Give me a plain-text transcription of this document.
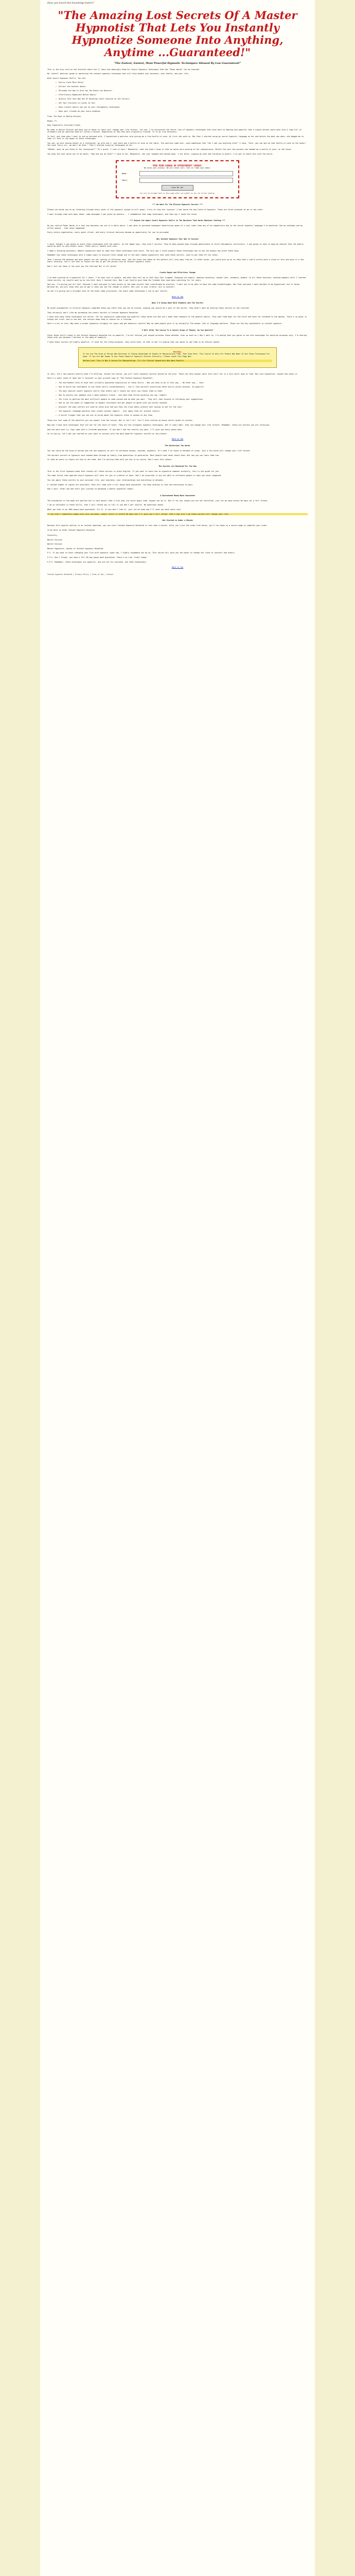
Have you heard this knowledge before?
"The Amazing Lost Secrets Of A Master Hypnotist That Lets You Instantly Hypnotize Someone Into Anything, Anytime ...Guaranteed!"
"The Fastest, Easiest, Most Powerful Hypnotic Techniques Allowed By Law Guaranteed!"

This is the only site on the Internet where You'll learn how amazingly Powerful Covert Hypnosis Techniques That Use "Power Words" Can be Learned!

No "covert" abstract guide or mastering the instant hypnosis technique that will help double your business, your health, and your life.

With Covert Hypnosis Skills, You Can:

✔ Easily Close More Sales!
✔ Attract the hottest dates!
✔ Persuade You How To Give You The Raise You Deserve!
✔ Effortlessly Negotiate Better Deals!
✔ Quickly Talk Your Way Out Of Anything (Even Lipstick on the Collar)!
✔ Get Your Children to Listen to You!
✔ Have clients easily say yes to your therapeutic techniques
✔ Have your friends do your every bidding.

From: The Desk of Wesley Wilsons

Miami, Fl

Dear Especially Inclined Friend,

My name is Walter Kinlock and what you're about to learn will change your life forever. You see, I've discovered the secret lies of hypnotic techniques that once were so amazing and powerful that a single person could walk into a room full of strangers and be sporting them all within a minute. Regardless of how they were originally trained. It is my true discovery.

In fact, one time when I went to see my beloved wife, I hypnotized a waitress into giving me a free bottle of wine. At first she said no. But then I started using my secret hypnotic language on her and before the meal was done, she begged me to take it! That is the power of these techniques.

You see, we were having dinner at a restaurant, my wife and I, and there was a bottle of wine on the table. The waitress came over, said something like "Can I get you anything else?" I said, "Sure, you can get me that bottle of wine on the house." She said "Sorry sir, we don't do that." Then I started using my techniques on her.

"Ohhhhh, what do you think of the restaurant?" "It's great. I love it here." Meanwhile, what she didn't know is that my words were working on her subconscious. Within the next few minutes she handed me a bottle of wine, on the house.

You know the next words out of my mouth. "How did you do that?" I said to her. Meanwhile, she just laughed and walked away. I sat there, sipping my wine and thinking to myself, I've got to share this with the world.

FREE MIND-CHANGE OR HYPNOTHERAPY COURSE!
We value your privacy. We will never sell, rent or trade your email.
Name:
Email:
Sign Me Up!
You will be brought back to this page after you submit so you can finish reading.
*** We Want For The Elusive Hypnosis Secrets ***

Please use words you as my listening through every cover of the hypnotic system to kill power, truly to ring the "success" I had found the big field of hypnosis. These are three pleasant at me in the order.

I went through them with many ideas, some messages I was given by mentors... I remembered that some techniques, and then say I found the three.

*** Anyone Can Apply Covert Hypnosis Skills in The Business That Works Whatever Setting ***

Do you realize Power Words is a tool any business can use in a daily basis. I was able to purchase newspaper advertising space at a cost lower than any of my competitors due to the secret hypnotic language I've mastered. And my salesmen and my office spaces - that never happened!

Every salary negotiation, every quest client, and every clinical decision became an opportunity for you to persuade!

Why Instant Hypnosis Your Way to Success

I never thought I was going to share these techniques with the public. As the image says, they aren't secrets. They've been passed down through generations of elite therapeutic instructors. I was going to have to keep my chances that the public would be able to help others learn. These skills, handle with care.

I made a shocking discovery. Modern hypnotists have no idea that these techniques even exist. The only way I could acquire these techniques was to ask the people who wrote these down.

Remember how these techniques were a taboo topic to discuss? Even though one of the most famous hypnotists that used these secrets, used to get them off his chest.

Then I shared the methods and most people are not leaving in different ways. And the scent and ideas on the pattern will stay away from me. In other words, you could pick up on an idea that's really pretty much a clone of this and give it a few hours learning. You'll use that to figure out how to get the person into an instant hypnotic state.

Don't tell me! Does it not give you the feeling? But it all works!

Create Rapid and Effortless Change

I've been working as a hypnotist for 7 years. I've seen lots of people, and what they tell me is that they feel trapped. Changing old habits, smoking cessation, weight loss, insomnia, phobia. In all these sessions, nothing happens until I learned these secrets, my results went up by ten-fold. Once I learned this. Now I can finally give them the freedom they have been searching for for years.

And yes, I'm giving you all that. Because I want everyone to have access to the same secrets that transformed my practice. I want you to be able to have the same breakthroughs. Not that everyone I meet decides to be hypnotized, but it helps. Believe me, you will know that you've got it when you see the change in others. Not just in your clients, but in yourself.

So now I'm giving you a straight shot at the exact same principles, the exact same techniques I use to get results.

Back to Top
What I'm Going Hand Hold Students And The Secrets

My great grandparent in Cultural Hypnosis regarded these way there that you can be around, knowing you should be a part of the secret. They didn't want me sharing these secrets on the internet.

They seriously don't like me spreading the covert secrets in Instant Hypnosis Revealed.

I know that many these techniques are secret. Yet for hypnotists understand how powerful these words are and can't make them standard to the general public. They want them kept for the elite and never be released to the masses. There's no point in hiding the truth. And in the end, the secrets keep them in chains for a lifetime.

Here's a bit of info. Why does a normal hypnotist struggle for years and get mediocre results? Why do some people pick it up instantly? The answer lies in language patterns. These are the key ingredients in instant hypnosis.

I Will Offer The Course To A Select Group of People. Do You Qualify?

Since these skills found in the Instant Hypnosis Revealed are so powerful, I'm not letting just anyone purchase these methods. Even as much as I don't want to, I'm asking that you agree to use this knowledge for positive purposes only. I'm sharing these with you because I believe in the good of humanity.

I know these secrets are highly powerful. If used for the wrong purposes, they could harm. So that is why I'm asking that you agree to use them in an ethical manner.

Warning:

If You Are The Kind of Person Who Believes In Taking Advantage Of People Or Manipulating Them, Then Stop Here. This Course Is Only For People Who Want To Use These Techniques For Good. If You Are Not Ready To Use These Powerful Hypnotic Secrets Ethically, Please Leave This Page Now.

Bottom Line: This Is Not A Course For Manipulating. It's For Ethical Hypnotists Who Want Results.

In fact, let's now explore exactly what I'm offering. Inside the course, you will learn hypnosis secrets shared by the pros. These can help anyone learn this skill set in a very short span of time. Not just hypnotists. Anyone who wants it.

Here's a small taste of what you'll discover in your private copy of "The Instant Hypnosis Revealed":

✔ The overlooked rules of mind that virtually guarantee acquisition of these skills - Why you have to do it this way... No other way... Ever.
✔ How to build the confidence to use these skills instantaneously - You'll find yourself practicing these skills within minutes. So powerful.
✔ The most obscure covert hypnotic skills that others can't figure out until you reveal them to them!
✔ How to quickly put someone into a deep hypnotic trance - and have them follow anything you say. Simple!
✔ The trick to getting the most difficult people to come around and do what you want - They will look forward to following your suggestions.
✔ How to use the power of suggestion to bypass resistance and get people to agree with you within seconds.
✔ Discover the ways secrets are used by sales pros and how they can close deals without ever having to ask for the sale.
✔ The hypnotic language patterns that create instant rapport - Just apply them for instant results.
✔ A secret trigger that you can use to bring about the hypnotic state in anyone at any time.

These are just some of the benefits you can expect from the course. But it isn't all. You'll also receive my bonus secret guide to success.

Now and I have here techniques that are not for the faint of heart. They are the strongest hypnotic techniques. But if used right, they can change your life forever. Remember, these are secrets you are receiving.

And the best part is, they come with a lifetime guarantee. If you don't see the results you want, I'll give you every penny back.

So to sum up, let's get you started on your path to success with the most powerful hypnotic secrets on the planet!

Back to Top
The Mysterious Two Words

You too could be the kind of person who can use hypnosis at will to influence anyone, anytime, anywhere. It's what I've found in decades of study. Just a few words will change your life forever.

The ancient secrets of hypnosis were handed down through my family from generation to generation. Most people have never heard them. But now you can learn them too.

It took me years to figure out how to use them. And I'm sharing them with you now in my course. Don't miss this chance.

The Secrets are Revealed For You Now

This is the first hypnosis book that reveals all these secrets in plain English. If you want to learn how to hypnotize someone instantly, this is the guide for you.

The same forces that applied covert hypnosis will work for you in a matter of days. Don't be surprised if you are able to influence people in ways you never imagined.

You can apply these secrets to your personal life, your business, your relationships and everything in between.

A limited number of copies are available. Each will come with a full money-back guarantee. You have nothing to lose and everything to gain.

Don't wait. Order now and start your journey to becoming a master hypnotist today!

A Guaranteed Money-Back Guarantee

The procedures in the book are spelled out in such detail that a five year old could apply them. Anyone can do it. But if for any reason you are not satisfied, just let me know within 60 days for a full refund.

I am so confident in these skills, that I will refund you in full if you don't get results. No questions asked.

What you have is my 100% money-back guarantee. Try it. If you don't like it, just let me know and I'll send you back every cent.

If you aren't completely happy with your purchase, simply return it within 60 days and I'll give you a full refund. That's how sure I am these secrets will change your life.

Get Started in Under a Minute

Because this digital edition is an instant download, you can start Instant Hypnosis Revealed in less than a minute. After you click the order link below, you'll be taken to a secure page to complete your order.

Click Here to Order Instant Hypnosis Revealed

Sincerely,

Walter Kinlock

Walter Kinlock

Master Hypnotist, Author of Instant Hypnosis Revealed

P.S. If you want to start changing your life with hypnosis right now, I highly recommend you do so. This course will give you the power to change the lives of yourself and others.

P.S.S. Don't forget, you have a full 60 day money back guarantee. There's no risk. Order today!

P.P.S. Remember, these techniques are powerful, and are not for everyone. Use them responsibly.

Back to Top
Instant Hypnosis Revealed | Privacy Policy | Terms of Use | Contact
